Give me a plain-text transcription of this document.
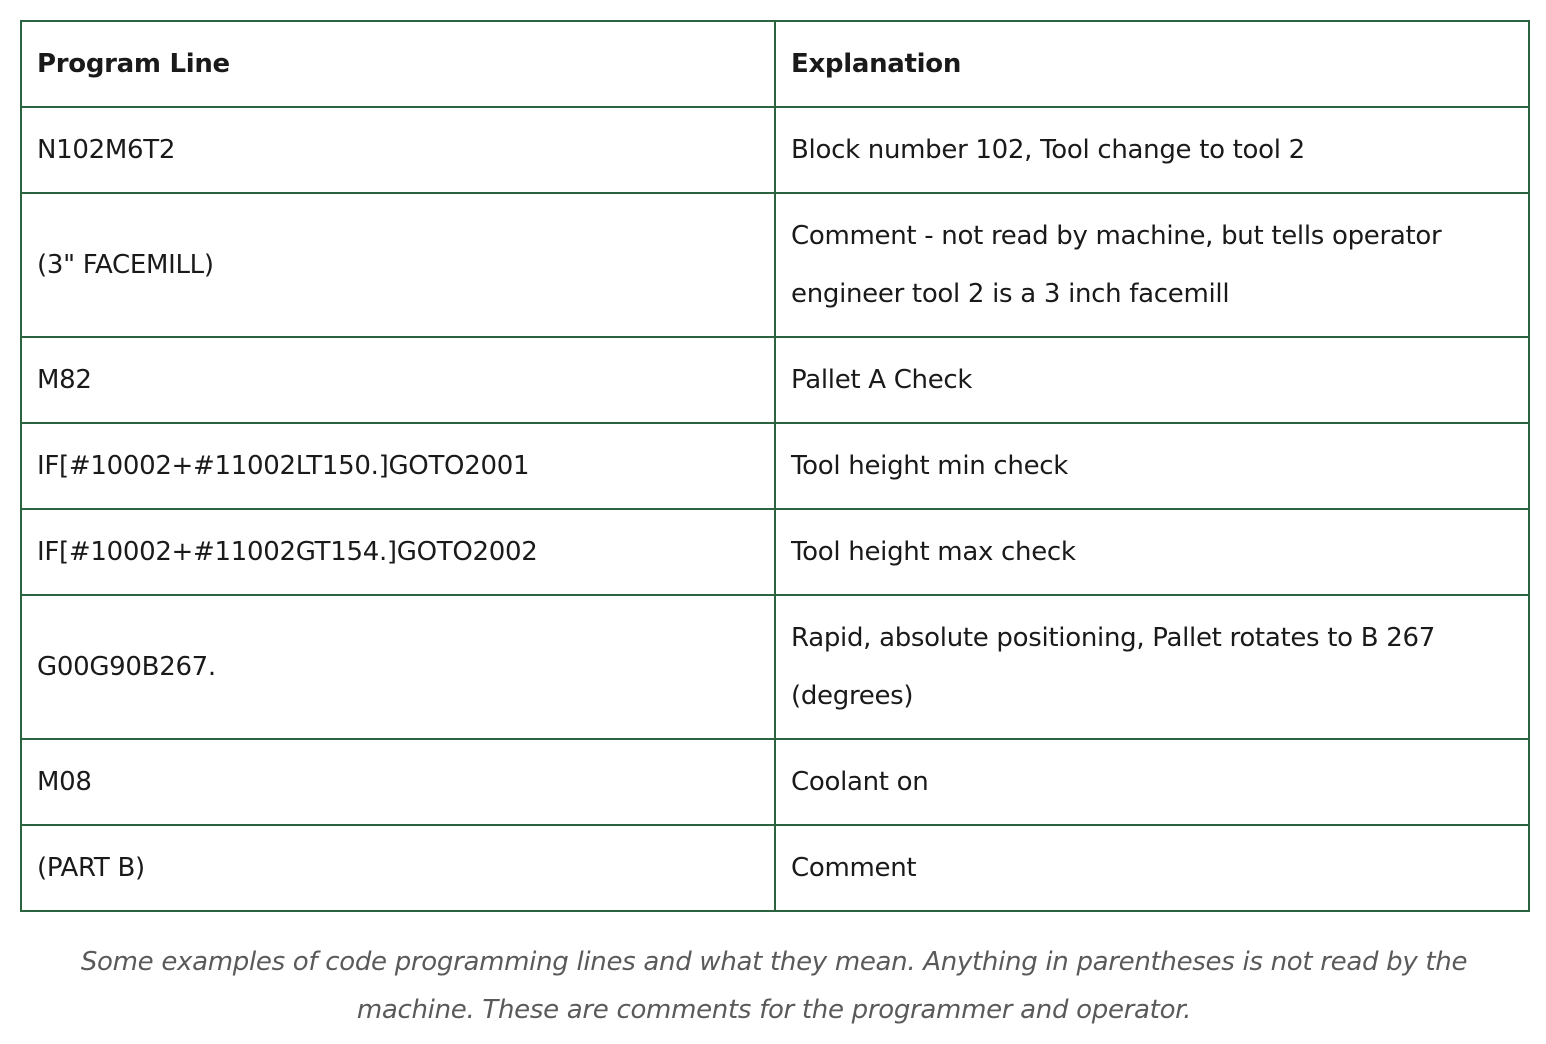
Program Line	Explanation
N102M6T2	Block number 102, Tool change to tool 2
(3" FACEMILL)	Comment - not read by machine, but tells operator engineer tool 2 is a 3 inch facemill
M82	Pallet A Check
IF[#10002+#11002LT150.]GOTO2001	Tool height min check
IF[#10002+#11002GT154.]GOTO2002	Tool height max check
G00G90B267.	Rapid, absolute positioning, Pallet rotates to B 267 (degrees)
M08	Coolant on
(PART B)	Comment
Some examples of code programming lines and what they mean. Anything in parentheses is not read by the machine. These are comments for the programmer and operator.
